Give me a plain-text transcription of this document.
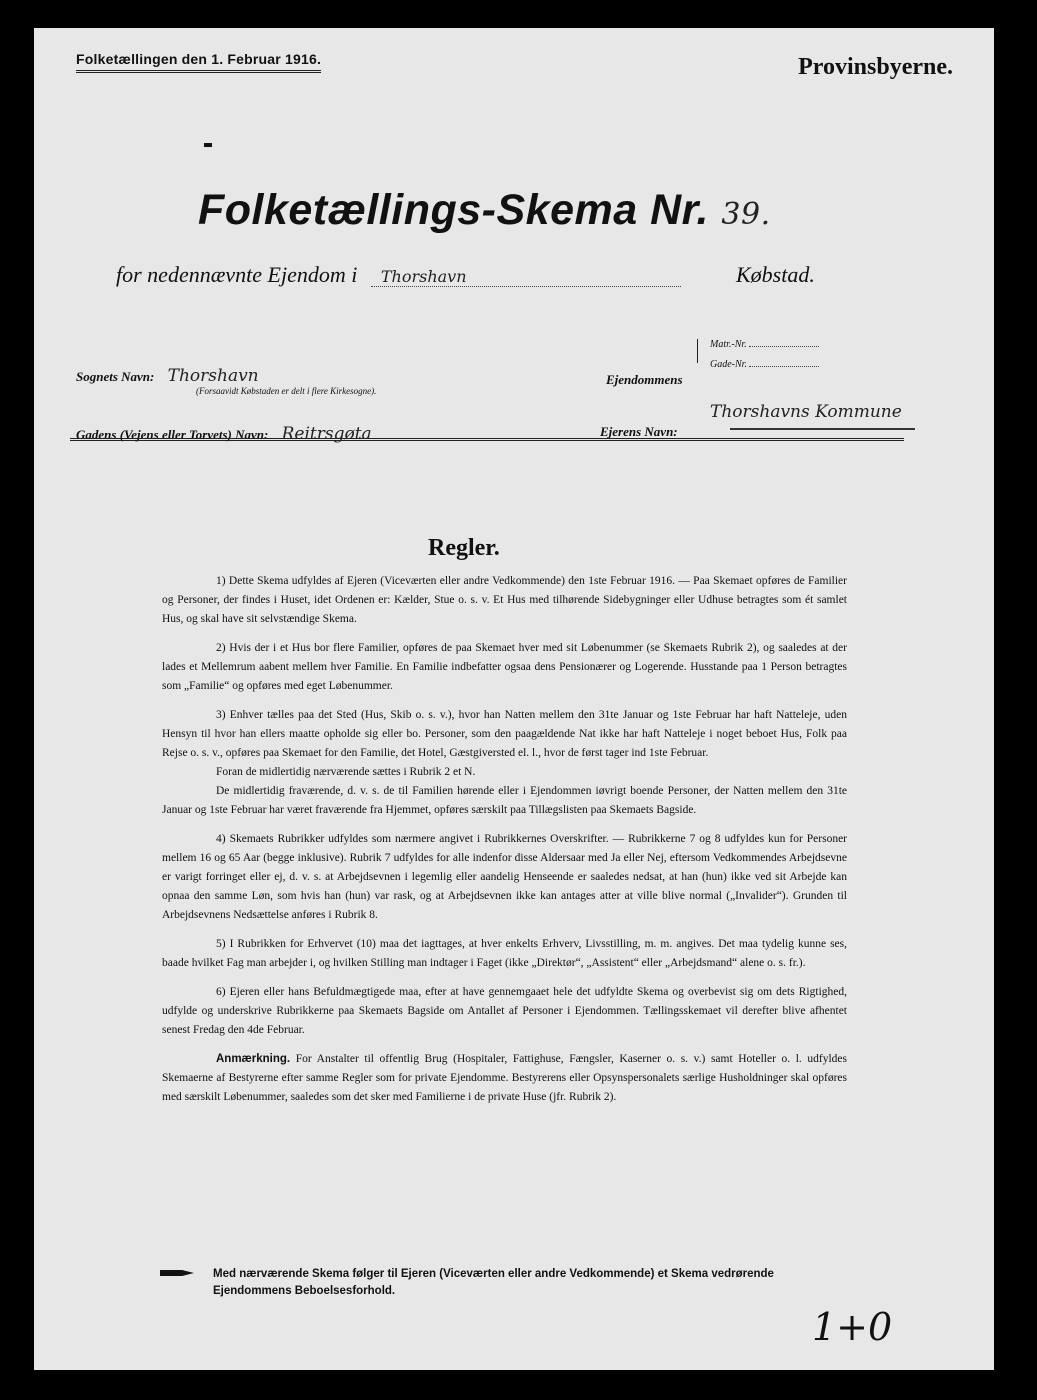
Folketællingen den 1. Februar 1916.	Provinsbyerne.
Folketællings-Skema Nr. 39.
for nedennævnte Ejendom i Thorshavn	Købstad.
Sognets Navn: Thorshavn
(Forsaavidt Købstaden er delt i flere Kirkesogne).
Gadens (Vejens eller Torvets) Navn: Reitrsgøta
Ejendommens
Matr.-Nr.
Gade-Nr.
Ejerens Navn:
Thorshavns Kommune
Regler.

1) Dette Skema udfyldes af Ejeren (Viceværten eller andre Vedkommende) den 1ste Februar 1916. — Paa Skemaet opføres de Familier og Personer, der findes i Huset, idet Ordenen er: Kælder, Stue o. s. v. Et Hus med tilhørende Sidebygninger eller Udhuse betragtes som ét samlet Hus, og skal have sit selvstændige Skema.

2) Hvis der i et Hus bor flere Familier, opføres de paa Skemaet hver med sit Løbenummer (se Skemaets Rubrik 2), og saaledes at der lades et Mellemrum aabent mellem hver Familie. En Familie indbefatter ogsaa dens Pensionærer og Logerende. Husstande paa 1 Person betragtes som „Familie“ og opføres med eget Løbenummer.

3) Enhver tælles paa det Sted (Hus, Skib o. s. v.), hvor han Natten mellem den 31te Januar og 1ste Februar har haft Natteleje, uden Hensyn til hvor han ellers maatte opholde sig eller bo. Personer, som den paagældende Nat ikke har haft Natteleje i noget beboet Hus, Folk paa Rejse o. s. v., opføres paa Skemaet for den Familie, det Hotel, Gæstgiversted el. l., hvor de først tager ind 1ste Februar.

Foran de midlertidig nærværende sættes i Rubrik 2 et N.

De midlertidig fraværende, d. v. s. de til Familien hørende eller i Ejendommen iøvrigt boende Personer, der Natten mellem den 31te Januar og 1ste Februar har været fraværende fra Hjemmet, opføres særskilt paa Tillægslisten paa Skemaets Bagside.

4) Skemaets Rubrikker udfyldes som nærmere angivet i Rubrikkernes Overskrifter. — Rubrikkerne 7 og 8 udfyldes kun for Personer mellem 16 og 65 Aar (begge inklusive). Rubrik 7 udfyldes for alle indenfor disse Aldersaar med Ja eller Nej, eftersom Vedkommendes Arbejdsevne er varigt forringet eller ej, d. v. s. at Arbejdsevnen i legemlig eller aandelig Henseende er saaledes nedsat, at han (hun) ikke ved sit Arbejde kan opnaa den samme Løn, som hvis han (hun) var rask, og at Arbejdsevnen ikke kan antages atter at ville blive normal („Invalider“). Grunden til Arbejdsevnens Nedsættelse anføres i Rubrik 8.

5) I Rubrikken for Erhvervet (10) maa det iagttages, at hver enkelts Erhverv, Livsstilling, m. m. angives. Det maa tydelig kunne ses, baade hvilket Fag man arbejder i, og hvilken Stilling man indtager i Faget (ikke „Direktør“, „Assistent“ eller „Arbejdsmand“ alene o. s. fr.).

6) Ejeren eller hans Befuldmægtigede maa, efter at have gennemgaaet hele det udfyldte Skema og overbevist sig om dets Rigtighed, udfylde og underskrive Rubrikkerne paa Skemaets Bagside om Antallet af Personer i Ejendommen. Tællingsskemaet vil derefter blive afhentet senest Fredag den 4de Februar.

Anmærkning. For Anstalter til offentlig Brug (Hospitaler, Fattighuse, Fængsler, Kaserner o. s. v.) samt Hoteller o. l. udfyldes Skemaerne af Bestyrerne efter samme Regler som for private Ejendomme. Bestyrerens eller Opsynspersonalets særlige Husholdninger skal opføres med særskilt Løbenummer, saaledes som det sker med Familierne i de private Huse (jfr. Rubrik 2).

Med nærværende Skema følger til Ejeren (Viceværten eller andre Vedkommende) et Skema vedrørende Ejendommens Beboelsesforhold.
1+0
